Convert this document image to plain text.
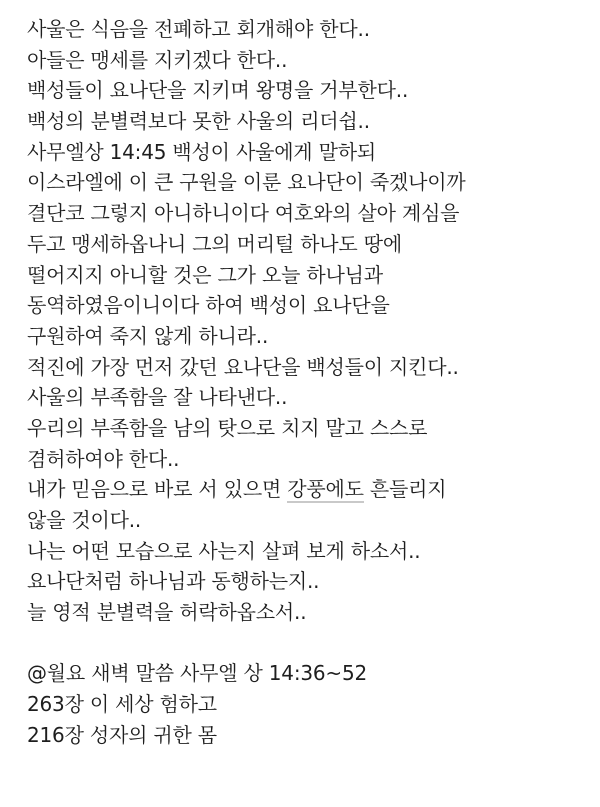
사울은 식음을 전폐하고 회개해야 한다..
아들은 맹세를 지키겠다 한다..
백성들이 요나단을 지키며 왕명을 거부한다..
백성의 분별력보다 못한 사울의 리더쉽..
사무엘상 14:45 백성이 사울에게 말하되
이스라엘에 이 큰 구원을 이룬 요나단이 죽겠나이까
결단코 그렇지 아니하니이다 여호와의 살아 계심을
두고 맹세하옵나니 그의 머리털 하나도 땅에
떨어지지 아니할 것은 그가 오늘 하나님과
동역하였음이니이다 하여 백성이 요나단을
구원하여 죽지 않게 하니라..
적진에 가장 먼저 갔던 요나단을 백성들이 지킨다..
사울의 부족함을 잘 나타낸다..
우리의 부족함을 남의 탓으로 치지 말고 스스로
겸허하여야 한다..
내가 믿음으로 바로 서 있으면 강풍에도 흔들리지
않을 것이다..
나는 어떤 모습으로 사는지 살펴 보게 하소서..
요나단처럼 하나님과 동행하는지..
늘 영적 분별력을 허락하옵소서..
@월요 새벽 말씀 사무엘 상 14:36~52
263장 이 세상 험하고
216장 성자의 귀한 몸
